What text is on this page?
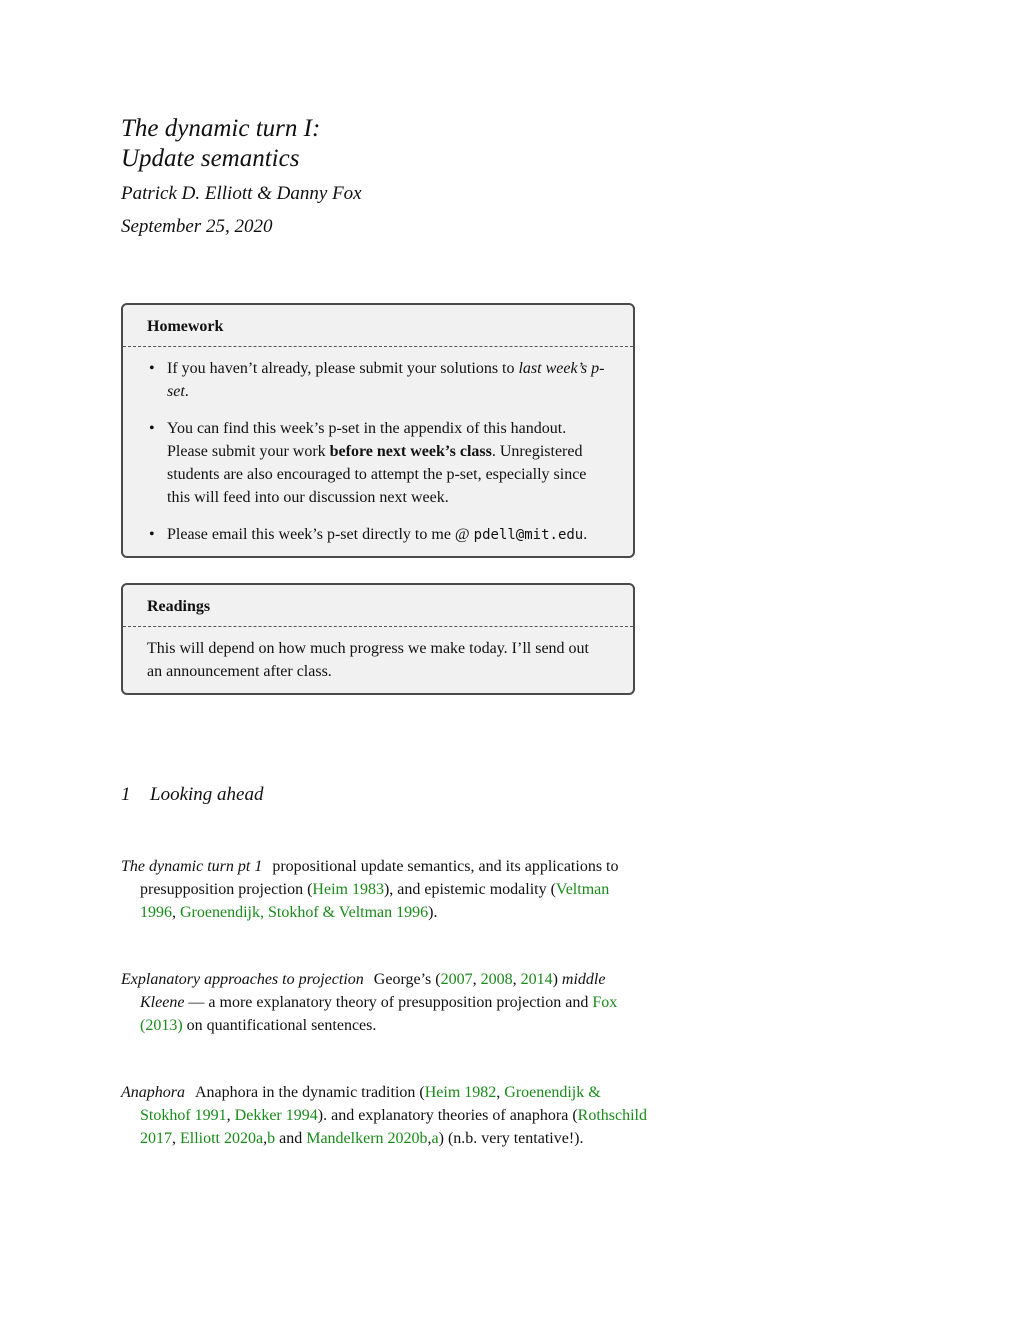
The dynamic turn I:
Update semantics
Patrick D. Elliott & Danny Fox
September 25, 2020
Homework
• If you haven’t already, please submit your solutions to last week’s p-set.
• You can find this week’s p-set in the appendix of this handout. Please submit your work before next week’s class. Unregistered students are also encouraged to attempt the p-set, especially since this will feed into our discussion next week.
• Please email this week’s p-set directly to me @ pdell@mit.edu.
Readings
This will depend on how much progress we make today. I’ll send out an announcement after class.
1 Looking ahead
The dynamic turn pt 1 propositional update semantics, and its applications to presupposition projection (Heim 1983), and epistemic modality (Veltman 1996, Groenendijk, Stokhof & Veltman 1996).
Explanatory approaches to projection George’s (2007, 2008, 2014) middle Kleene — a more explanatory theory of presupposition projection and Fox (2013) on quantificational sentences.
Anaphora Anaphora in the dynamic tradition (Heim 1982, Groenendijk & Stokhof 1991, Dekker 1994). and explanatory theories of anaphora (Rothschild 2017, Elliott 2020a,b and Mandelkern 2020b,a) (n.b. very tentative!).
